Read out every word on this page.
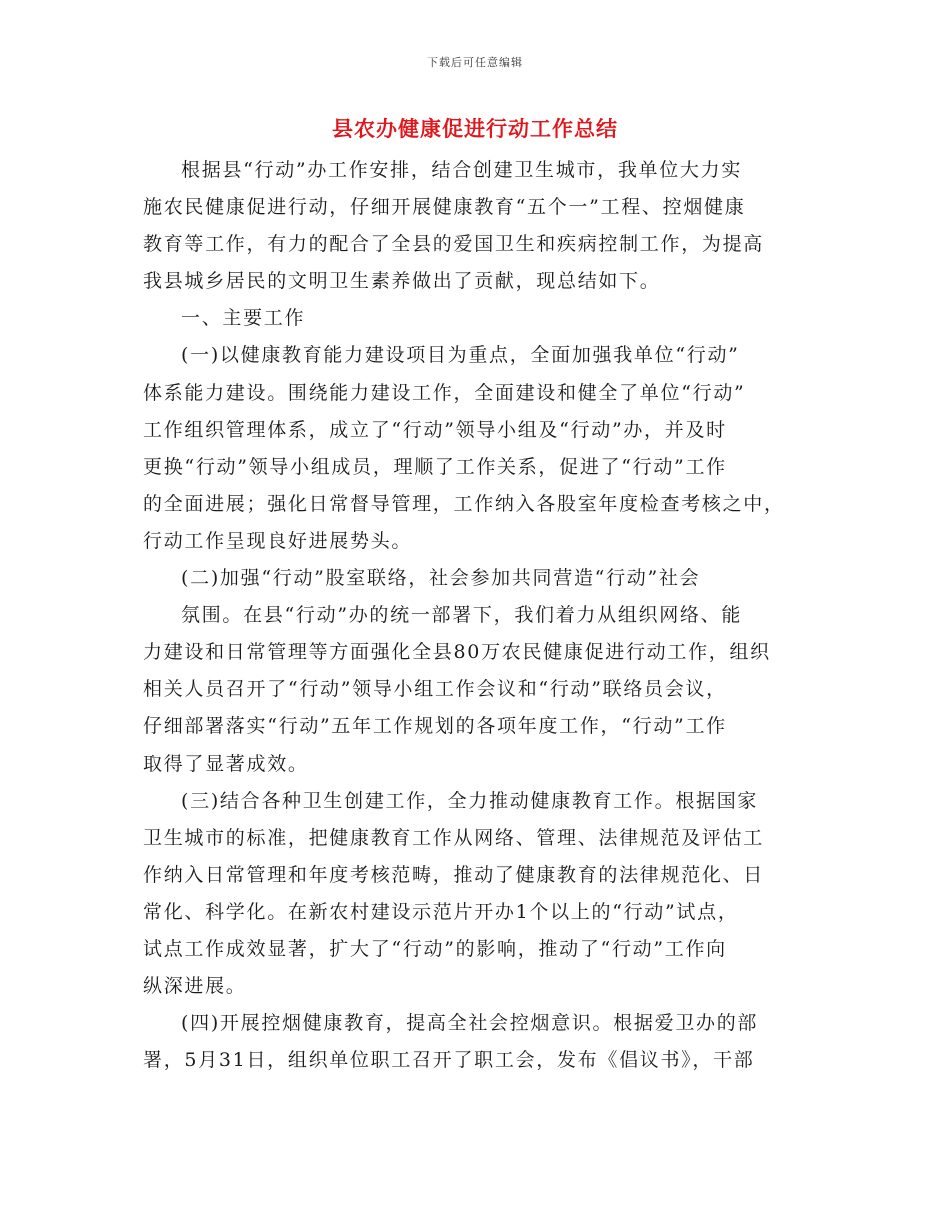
下载后可任意编辑
县农办健康促进行动工作总结
根据县“行动”办工作安排，结合创建卫生城市，我单位大力实
施农民健康促进行动，仔细开展健康教育“五个一”工程、控烟健康
教育等工作，有力的配合了全县的爱国卫生和疾病控制工作，为提高
我县城乡居民的文明卫生素养做出了贡献，现总结如下。
一、主要工作
(一)以健康教育能力建设项目为重点，全面加强我单位“行动”
体系能力建设。围绕能力建设工作，全面建设和健全了单位“行动”
工作组织管理体系，成立了“行动”领导小组及“行动”办，并及时
更换“行动”领导小组成员，理顺了工作关系，促进了“行动”工作
的全面进展；强化日常督导管理，工作纳入各股室年度检查考核之中，
行动工作呈现良好进展势头。
(二)加强“行动”股室联络，社会参加共同营造“行动”社会
氛围。在县“行动”办的统一部署下，我们着力从组织网络、能
力建设和日常管理等方面强化全县80万农民健康促进行动工作，组织
相关人员召开了“行动”领导小组工作会议和“行动”联络员会议，
仔细部署落实“行动”五年工作规划的各项年度工作，“行动”工作
取得了显著成效。
(三)结合各种卫生创建工作，全力推动健康教育工作。根据国家
卫生城市的标准，把健康教育工作从网络、管理、法律规范及评估工
作纳入日常管理和年度考核范畴，推动了健康教育的法律规范化、日
常化、科学化。在新农村建设示范片开办1个以上的“行动”试点，
试点工作成效显著，扩大了“行动”的影响，推动了“行动”工作向
纵深进展。
(四)开展控烟健康教育，提高全社会控烟意识。根据爱卫办的部
署，5月31日，组织单位职工召开了职工会，发布《倡议书》，干部
